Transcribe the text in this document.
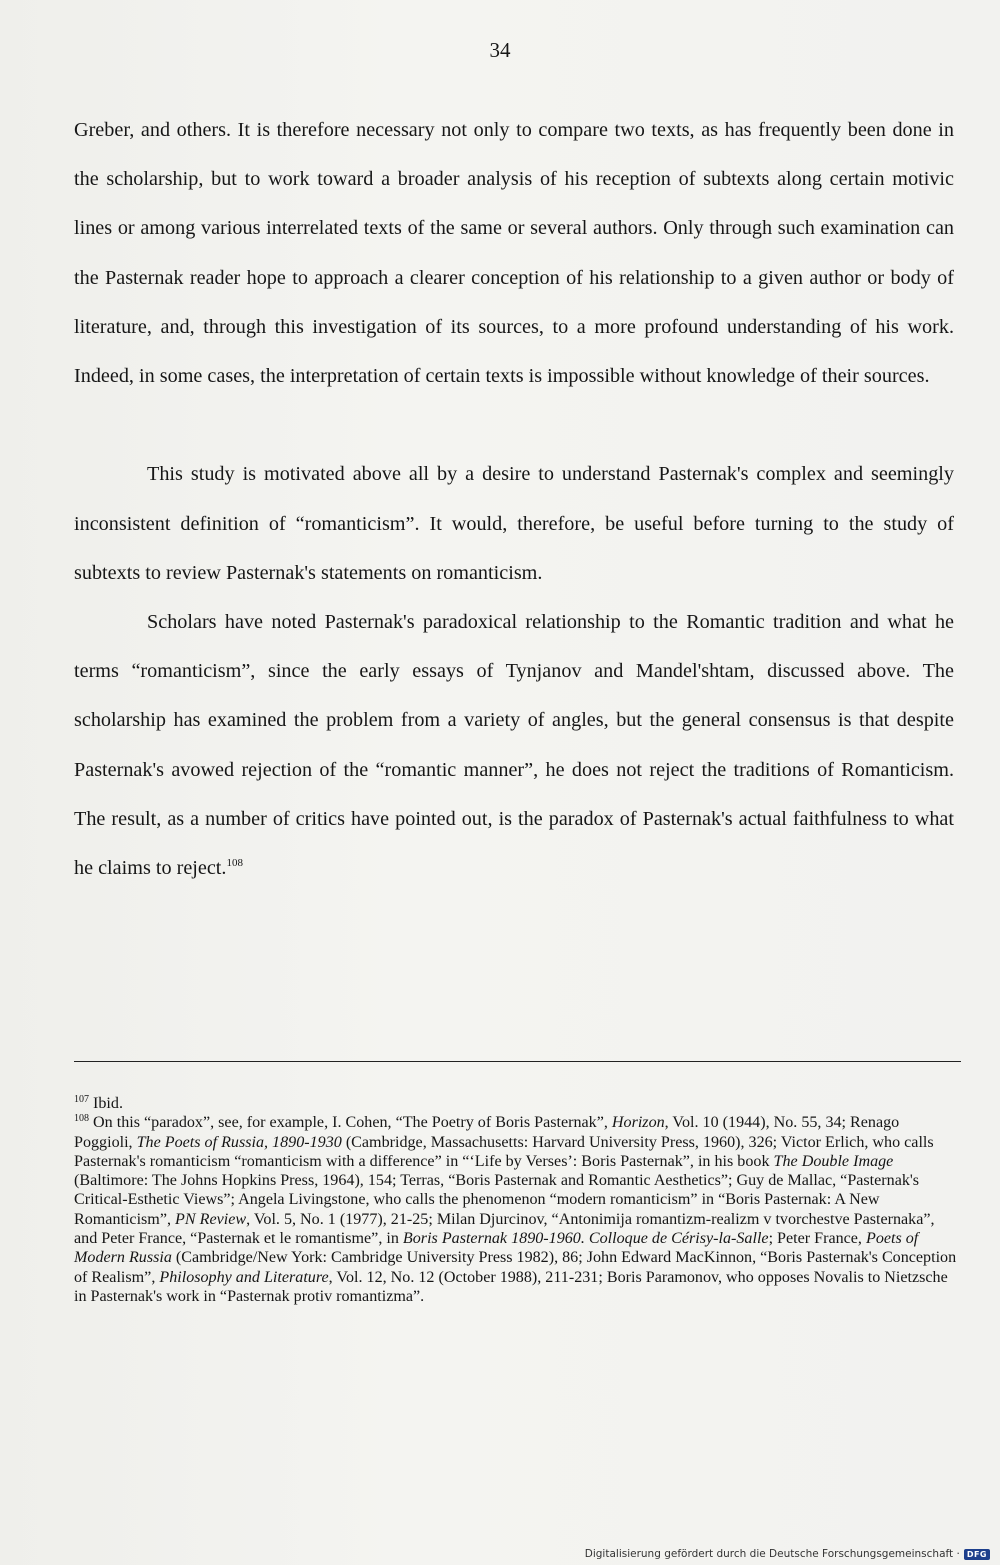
34

Greber, and others. It is therefore necessary not only to compare two texts, as has frequently been done in the scholarship, but to work toward a broader analysis of his reception of subtexts along certain motivic lines or among various interrelated texts of the same or several authors. Only through such examination can the Pasternak reader hope to approach a clearer conception of his relationship to a given author or body of literature, and, through this investigation of its sources, to a more profound understanding of his work. Indeed, in some cases, the interpretation of certain texts is impossible without knowledge of their sources.

This study is motivated above all by a desire to understand Pasternak's complex and seemingly inconsistent definition of “romanticism”. It would, therefore, be useful before turning to the study of subtexts to review Pasternak's statements on romanticism.

Scholars have noted Pasternak's paradoxical relationship to the Romantic tradition and what he terms “romanticism”, since the early essays of Tynjanov and Mandel'shtam, discussed above. The scholarship has examined the problem from a variety of angles, but the general consensus is that despite Pasternak's avowed rejection of the “romantic manner”, he does not reject the traditions of Romanticism. The result, as a number of critics have pointed out, is the paradox of Pasternak's actual faithfulness to what he claims to reject.$^{108}$

$^{107}$ Ibid.

$^{108}$ On this “paradox”, see, for example, I. Cohen, “The Poetry of Boris Pasternak”, Horizon, Vol. 10 (1944), No. 55, 34; Renago Poggioli, The Poets of Russia, 1890-1930 (Cambridge, Massachusetts: Harvard University Press, 1960), 326; Victor Erlich, who calls Pasternak's romanticism “romanticism with a difference” in “‘Life by Verses’: Boris Pasternak”, in his book The Double Image (Baltimore: The Johns Hopkins Press, 1964), 154; Terras, “Boris Pasternak and Romantic Aesthetics”; Guy de Mallac, “Pasternak's Critical-Esthetic Views”; Angela Livingstone, who calls the phenomenon “modern romanticism” in “Boris Pasternak: A New Romanticism”, PN Review, Vol. 5, No. 1 (1977), 21-25; Milan Djurcinov, “Antonimija romantizm-realizm v tvorchestve Pasternaka”, and Peter France, “Pasternak et le romantisme”, in Boris Pasternak 1890-1960. Colloque de Cérisy-la-Salle; Peter France, Poets of Modern Russia (Cambridge/New York: Cambridge University Press 1982), 86; John Edward MacKinnon, “Boris Pasternak's Conception of Realism”, Philosophy and Literature, Vol. 12, No. 12 (October 1988), 211-231; Boris Paramonov, who opposes Novalis to Nietzsche in Pasternak's work in “Pasternak protiv romantizma”.

Digitalisierung gefördert durch die Deutsche Forschungsgemeinschaft · DFG
